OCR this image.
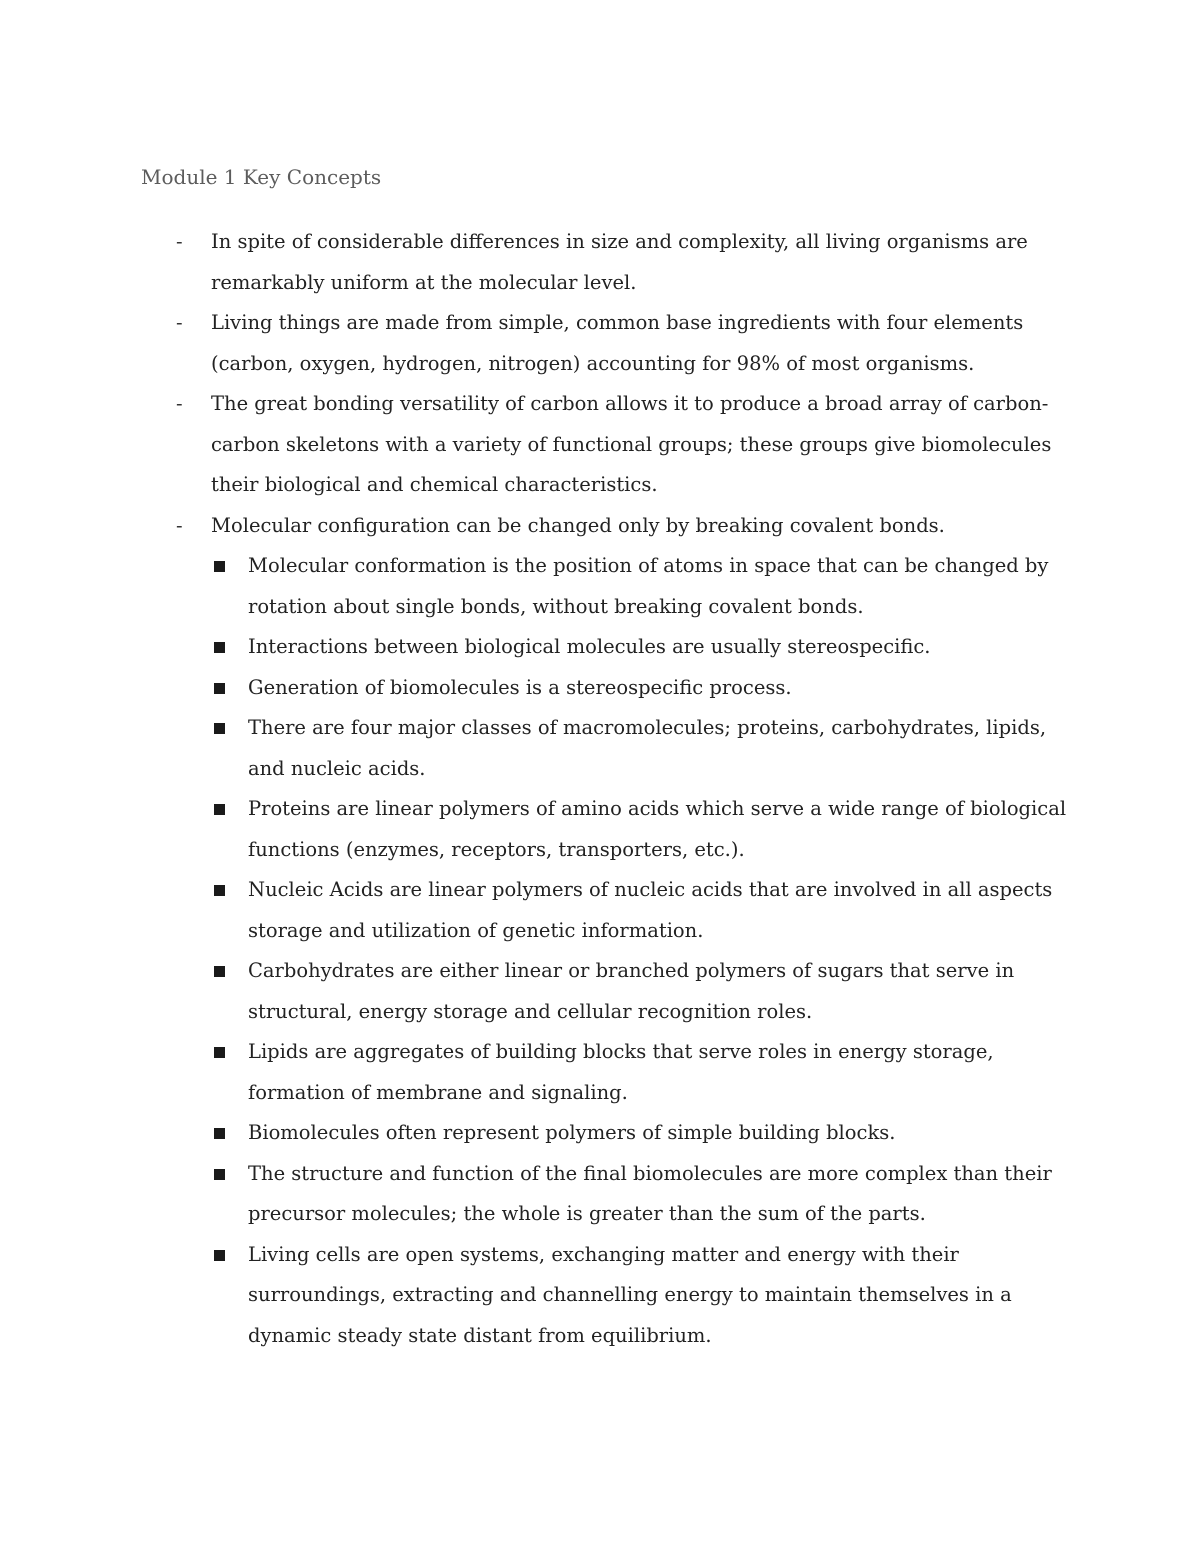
Module 1 Key Concepts
- In spite of considerable differences in size and complexity, all living organisms are remarkably uniform at the molecular level.
- Living things are made from simple, common base ingredients with four elements (carbon, oxygen, hydrogen, nitrogen) accounting for 98% of most organisms.
- The great bonding versatility of carbon allows it to produce a broad array of carbon-carbon skeletons with a variety of functional groups; these groups give biomolecules their biological and chemical characteristics.
- Molecular configuration can be changed only by breaking covalent bonds.
Molecular conformation is the position of atoms in space that can be changed by rotation about single bonds, without breaking covalent bonds.
Interactions between biological molecules are usually stereospecific.
Generation of biomolecules is a stereospecific process.
There are four major classes of macromolecules; proteins, carbohydrates, lipids, and nucleic acids.
Proteins are linear polymers of amino acids which serve a wide range of biological functions (enzymes, receptors, transporters, etc.).
Nucleic Acids are linear polymers of nucleic acids that are involved in all aspects storage and utilization of genetic information.
Carbohydrates are either linear or branched polymers of sugars that serve in structural, energy storage and cellular recognition roles.
Lipids are aggregates of building blocks that serve roles in energy storage, formation of membrane and signaling.
Biomolecules often represent polymers of simple building blocks.
The structure and function of the final biomolecules are more complex than their precursor molecules; the whole is greater than the sum of the parts.
Living cells are open systems, exchanging matter and energy with their surroundings, extracting and channelling energy to maintain themselves in a dynamic steady state distant from equilibrium.
